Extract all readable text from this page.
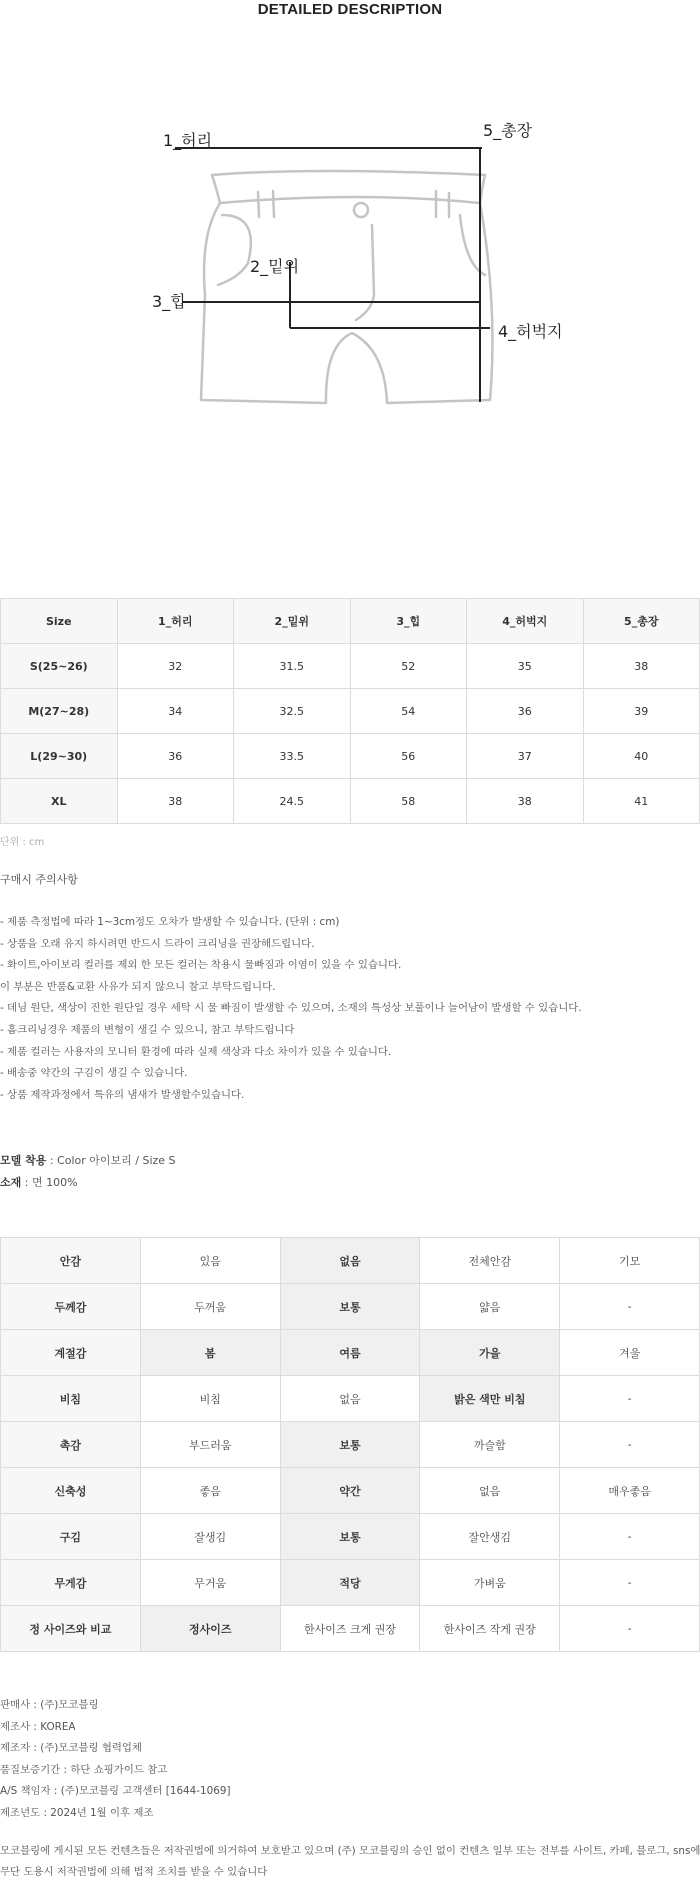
DETAILED DESCRIPTION
1_허리
2_밑위
3_힙
4_허벅지
5_총장
Size	1_허리	2_밑위	3_힙	4_허벅지	5_총장
S(25~26)	32	31.5	52	35	38
M(27~28)	34	32.5	54	36	39
L(29~30)	36	33.5	56	37	40
XL	38	24.5	58	38	41
단위 : cm
구매시 주의사항
- 제품 측정법에 따라 1~3cm정도 오차가 발생할 수 있습니다. (단위 : cm)
- 상품을 오래 유지 하시려면 반드시 드라이 크리닝을 권장해드립니다.
- 화이트,아이보리 컬러를 제외 한 모든 컬러는 착용시 물빠짐과 이염이 있을 수 있습니다.
이 부분은 반품&교환 사유가 되지 않으니 참고 부탁드립니다.
- 데님 원단, 색상이 진한 원단일 경우 세탁 시 물 빠짐이 발생할 수 있으며, 소재의 특성상 보풀이나 늘어남이 발생할 수 있습니다.
- 홈크리닝경우 제품의 변형이 생길 수 있으니, 참고 부탁드립니다
- 제품 컬러는 사용자의 모니터 환경에 따라 실제 색상과 다소 차이가 있을 수 있습니다.
- 배송중 약간의 구김이 생길 수 있습니다.
- 상품 제작과정에서 특유의 냄새가 발생할수있습니다.
모델 착용 : Color 아이보리 / Size S
소재 : 면 100%
안감	있음	없음	전체안감	기모
두께감	두꺼움	보통	얇음	-
계절감	봄	여름	가을	겨울
비침	비침	없음	밝은 색만 비침	-
촉감	부드러움	보통	까슬함	-
신축성	좋음	약간	없음	매우좋음
구김	잘생김	보통	잘안생김	-
무게감	무거움	적당	가벼움	-
정 사이즈와 비교	정사이즈	한사이즈 크게 권장	한사이즈 작게 권장	-
판매사 : (주)모코블링
제조사 : KOREA
제조자 : (주)모코블링 협력업체
품질보증기간 : 하단 쇼핑가이드 참고
A/S 책임자 : (주)모코블링 고객센터 [1644-1069]
제조년도 : 2024년 1월 이후 제조
모코블링에 게시된 모든 컨텐츠들은 저작권법에 의거하여 보호받고 있으며 (주) 모코블링의 승인 없이 컨텐츠 일부 또는 전부를 사이트, 카페, 블로그, sns에
무단 도용시 저작권법에 의해 법적 조치를 받을 수 있습니다
